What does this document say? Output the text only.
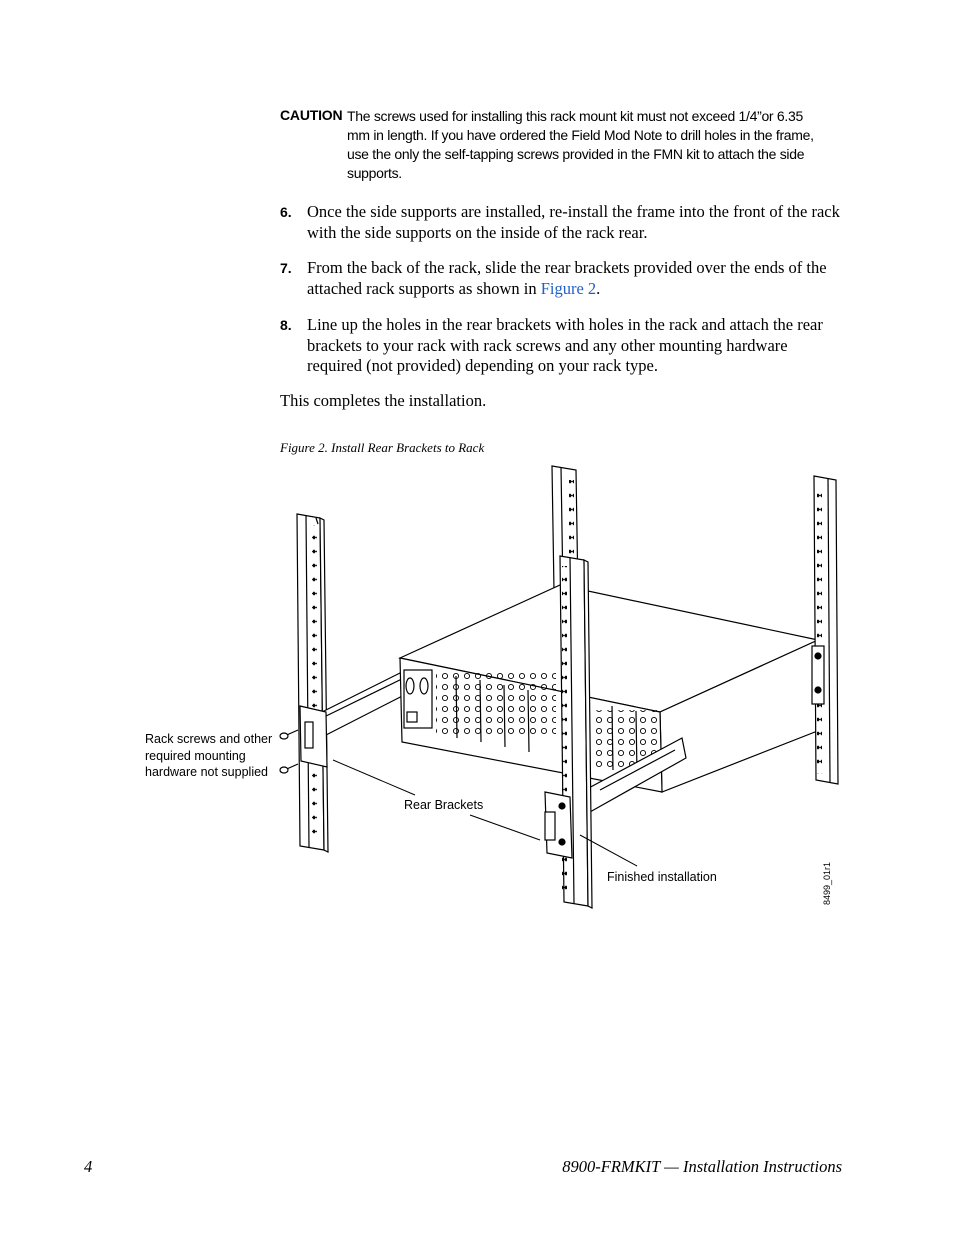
CAUTION The screws used for installing this rack mount kit must not exceed 1/4”or 6.35 mm in length. If you have ordered the Field Mod Note to drill holes in the frame, use the only the self-tapping screws provided in the FMN kit to attach the side supports.
6. Once the side supports are installed, re-install the frame into the front of the rack with the side supports on the inside of the rack rear.
7. From the back of the rack, slide the rear brackets provided over the ends of the attached rack supports as shown in Figure 2.
8. Line up the holes in the rear brackets with holes in the rack and attach the rear brackets to your rack with rack screws and any other mounting hardware required (not provided) depending on your rack type.
This completes the installation.
Figure 2. Install Rear Brackets to Rack
Rack screws and other required mounting hardware not supplied
Rear Brackets
Finished installation	8499_01r1
4	8900-FRMKIT — Installation Instructions
